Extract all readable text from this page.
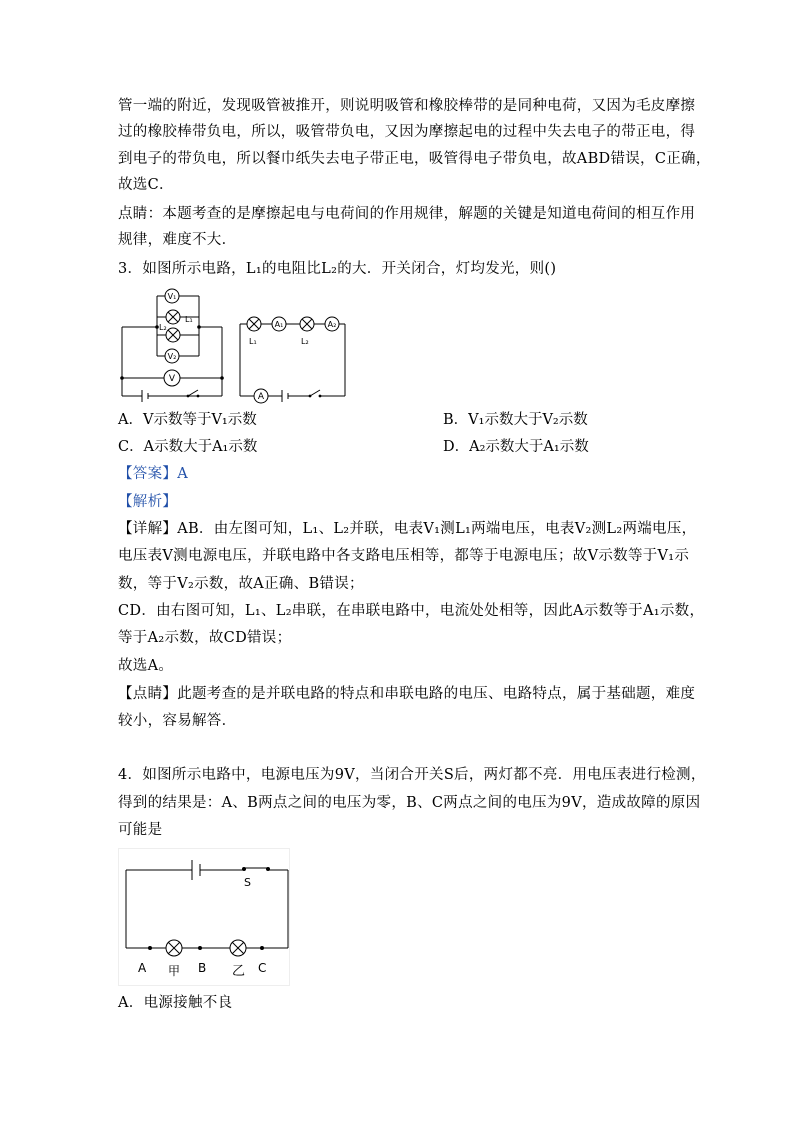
管一端的附近，发现吸管被推开，则说明吸管和橡胶棒带的是同种电荷，又因为毛皮摩擦
过的橡胶棒带负电，所以，吸管带负电，又因为摩擦起电的过程中失去电子的带正电，得
到电子的带负电，所以餐巾纸失去电子带正电，吸管得电子带负电，故ABD错误，C正确，
故选C．
点睛：本题考查的是摩擦起电与电荷间的作用规律，解题的关键是知道电荷间的相互作用
规律，难度不大．
3．如图所示电路，L₁的电阻比L₂的大．开关闭合，灯均发光，则()
V₁
V₂
V
L₂
L₁
A₁	A₂
A
L₁	L₂
A．V示数等于V₁示数	B．V₁示数大于V₂示数
C．A示数大于A₁示数	D．A₂示数大于A₁示数
【答案】A
【解析】
【详解】AB．由左图可知，L₁、L₂并联，电表V₁测L₁两端电压，电表V₂测L₂两端电压，
电压表V测电源电压，并联电路中各支路电压相等，都等于电源电压；故V示数等于V₁示
数，等于V₂示数，故A正确、B错误；
CD．由右图可知，L₁、L₂串联，在串联电路中，电流处处相等，因此A示数等于A₁示数，
等于A₂示数，故CD错误；
故选A。
【点睛】此题考查的是并联电路的特点和串联电路的电压、电路特点，属于基础题，难度
较小，容易解答．
4．如图所示电路中，电源电压为9V，当闭合开关S后，两灯都不亮．用电压表进行检测，
得到的结果是：A、B两点之间的电压为零，B、C两点之间的电压为9V，造成故障的原因
可能是
S
A 甲 B 乙 C
A．电源接触不良
